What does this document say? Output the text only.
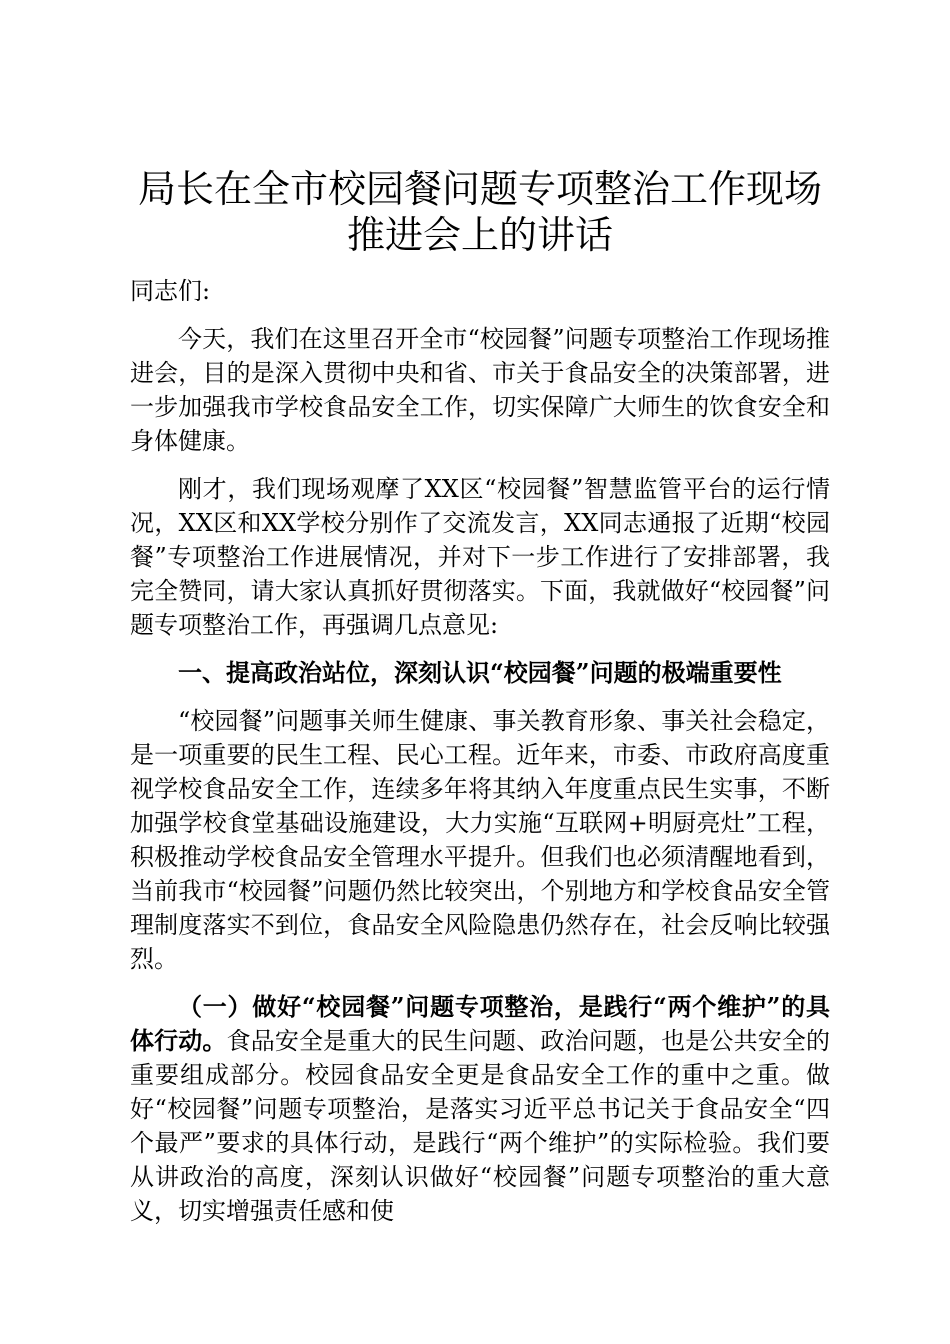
局长在全市校园餐问题专项整治工作现场推进会上的讲话

同志们:

今天，我们在这里召开全市“校园餐”问题专项整治工作现场推进会，目的是深入贯彻中央和省、市关于食品安全的决策部署，进一步加强我市学校食品安全工作，切实保障广大师生的饮食安全和身体健康。

刚才，我们现场观摩了XX区“校园餐”智慧监管平台的运行情况，XX区和XX学校分别作了交流发言，XX同志通报了近期“校园餐”专项整治工作进展情况，并对下一步工作进行了安排部署，我完全赞同，请大家认真抓好贯彻落实。下面，我就做好“校园餐”问题专项整治工作，再强调几点意见:

一、提高政治站位，深刻认识“校园餐”问题的极端重要性

“校园餐”问题事关师生健康、事关教育形象、事关社会稳定，是一项重要的民生工程、民心工程。近年来，市委、市政府高度重视学校食品安全工作，连续多年将其纳入年度重点民生实事，不断加强学校食堂基础设施建设，大力实施“互联网+明厨亮灶”工程，积极推动学校食品安全管理水平提升。但我们也必须清醒地看到，当前我市“校园餐”问题仍然比较突出，个别地方和学校食品安全管理制度落实不到位，食品安全风险隐患仍然存在，社会反响比较强烈。

（一）做好“校园餐”问题专项整治，是践行“两个维护”的具体行动。食品安全是重大的民生问题、政治问题，也是公共安全的重要组成部分。校园食品安全更是食品安全工作的重中之重。做好“校园餐”问题专项整治，是落实习近平总书记关于食品安全“四个最严”要求的具体行动，是践行“两个维护”的实际检验。我们要从讲政治的高度，深刻认识做好“校园餐”问题专项整治的重大意义，切实增强责任感和使
